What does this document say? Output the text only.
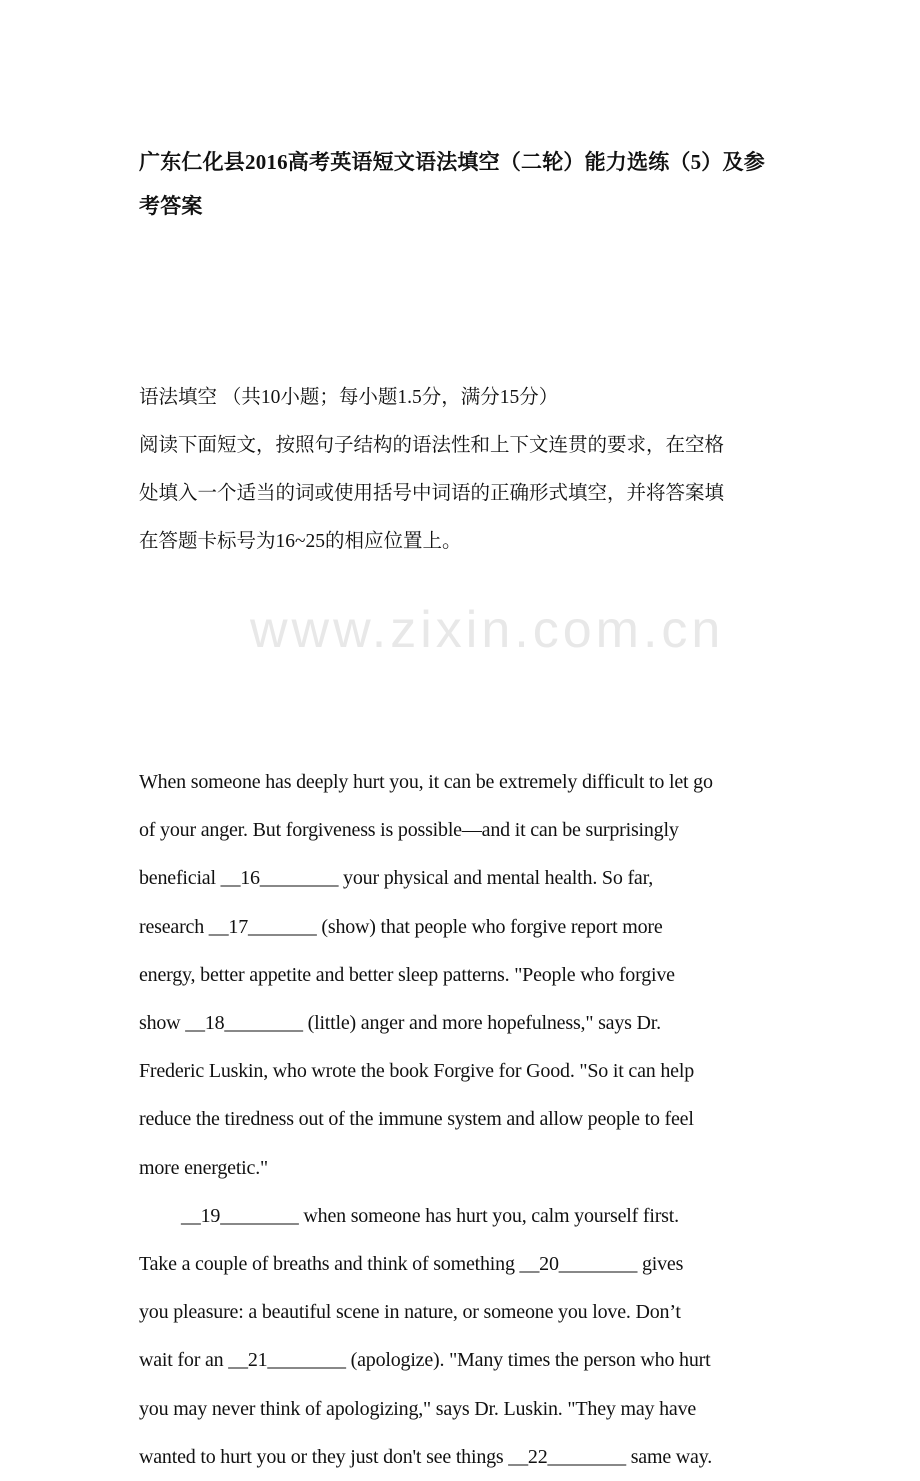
www.zixin.com.cn
广东仁化县2016高考英语短文语法填空（二轮）能力选练（5）及参
考答案
语法填空 （共10小题；每小题1.5分，满分15分）
阅读下面短文，按照句子结构的语法性和上下文连贯的要求，在空格
处填入一个适当的词或使用括号中词语的正确形式填空，并将答案填
在答题卡标号为16~25的相应位置上。
When someone has deeply hurt you, it can be extremely difficult to let go
of your anger. But forgiveness is possible—and it can be surprisingly
beneficial __16________ your physical and mental health. So far,
research __17_______ (show) that people who forgive report more
energy, better appetite and better sleep patterns. "People who forgive
show __18________ (little) anger and more hopefulness," says Dr.
Frederic Luskin, who wrote the book Forgive for Good. "So it can help
reduce the tiredness out of the immune system and allow people to feel
more energetic."
__19________ when someone has hurt you, calm yourself first.
Take a couple of breaths and think of something __20________ gives
you pleasure: a beautiful scene in nature, or someone you love. Don’t
wait for an __21________ (apologize). "Many times the person who hurt
you may never think of apologizing," says Dr. Luskin. "They may have
wanted to hurt you or they just don't see things __22________ same way.
